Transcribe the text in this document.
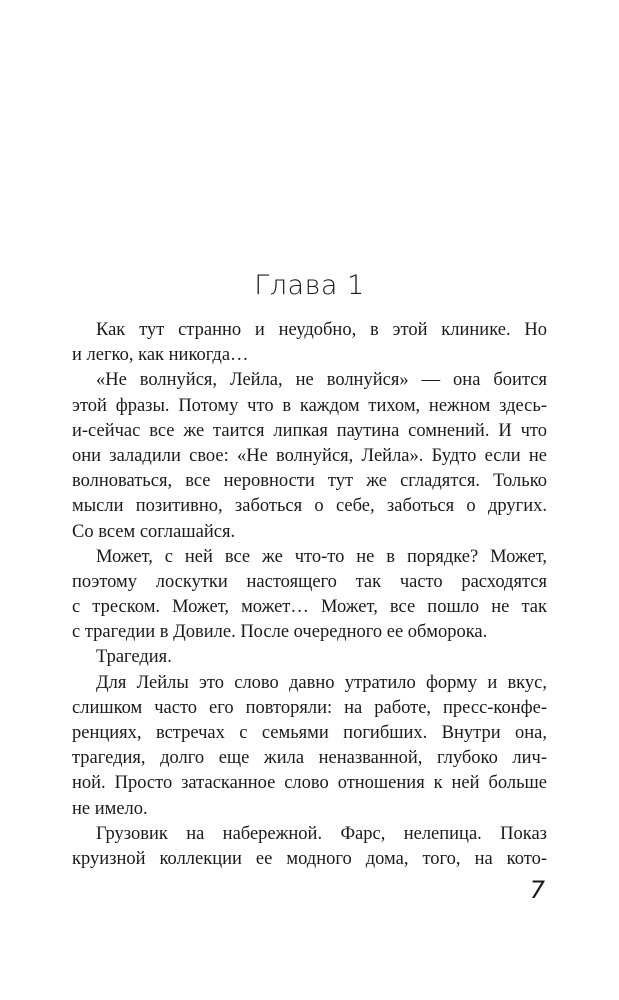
Глава 1
Как тут странно и неудобно, в этой клинике. Но
и легко, как никогда…
«Не волнуйся, Лейла, не волнуйся» — она боится
этой фразы. Потому что в каждом тихом, нежном здесь-
и-сейчас все же таится липкая паутина сомнений. И что
они заладили свое: «Не волнуйся, Лейла». Будто если не
волноваться, все неровности тут же сгладятся. Только
мысли позитивно, заботься о себе, заботься о других.
Со всем соглашайся.
Может, с ней все же что-то не в порядке? Может,
поэтому лоскутки настоящего так часто расходятся
с треском. Может, может… Может, все пошло не так
с трагедии в Довиле. После очередного ее обморока.
Трагедия.
Для Лейлы это слово давно утратило форму и вкус,
слишком часто его повторяли: на работе, пресс-конфе-
ренциях, встречах с семьями погибших. Внутри она,
трагедия, долго еще жила неназванной, глубоко лич-
ной. Просто затасканное слово отношения к ней больше
не имело.
Грузовик на набережной. Фарс, нелепица. Показ
круизной коллекции ее модного дома, того, на кото-

7
